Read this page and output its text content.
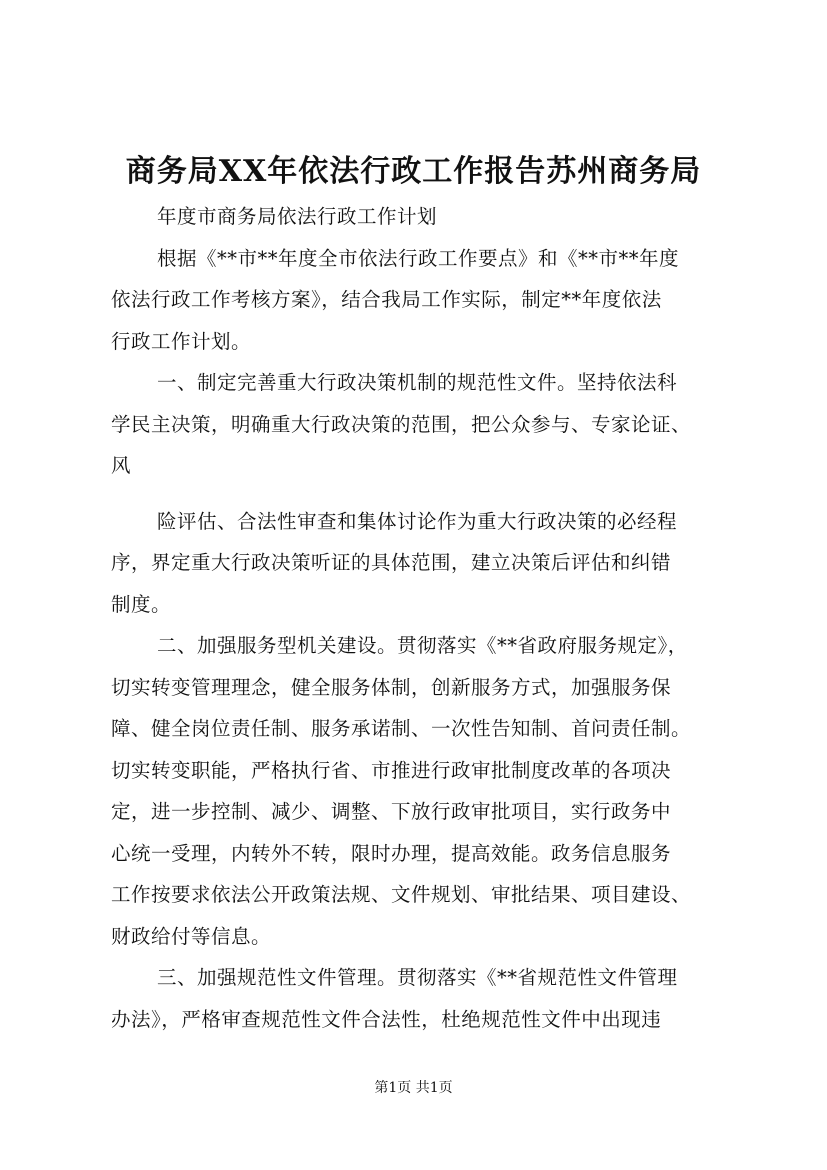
商务局XX年依法行政工作报告苏州商务局
年度市商务局依法行政工作计划
根据《**市**年度全市依法行政工作要点》和《**市**年度
依法行政工作考核方案》，结合我局工作实际，制定**年度依法
行政工作计划。
一、制定完善重大行政决策机制的规范性文件。坚持依法科
学民主决策，明确重大行政决策的范围，把公众参与、专家论证、
风
险评估、合法性审查和集体讨论作为重大行政决策的必经程
序，界定重大行政决策听证的具体范围，建立决策后评估和纠错
制度。
二、加强服务型机关建设。贯彻落实《**省政府服务规定》，
切实转变管理理念，健全服务体制，创新服务方式，加强服务保
障、健全岗位责任制、服务承诺制、一次性告知制、首问责任制。
切实转变职能，严格执行省、市推进行政审批制度改革的各项决
定，进一步控制、减少、调整、下放行政审批项目，实行政务中
心统一受理，内转外不转，限时办理，提高效能。政务信息服务
工作按要求依法公开政策法规、文件规划、审批结果、项目建设、
财政给付等信息。
三、加强规范性文件管理。贯彻落实《**省规范性文件管理
办法》，严格审查规范性文件合法性，杜绝规范性文件中出现违
第1页 共1页
